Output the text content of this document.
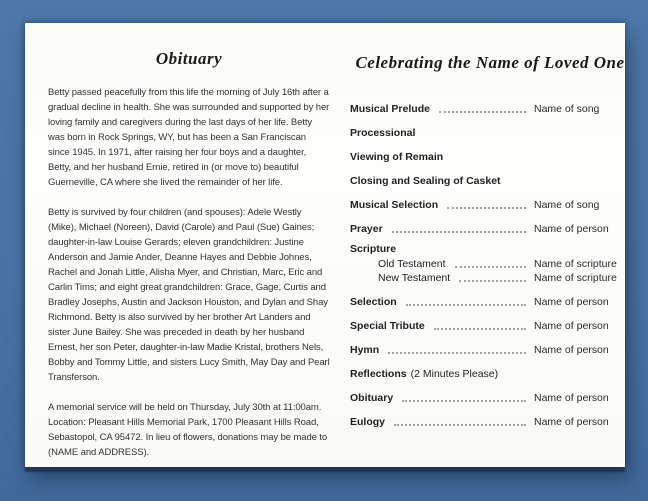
Obituary

Betty passed peacefully from this life the morning of July 16th after a gradual decline in health. She was surrounded and supported by her loving family and caregivers during the last days of her life. Betty was born in Rock Springs, WY, but has been a San Franciscan since 1945. In 1971, after raising her four boys and a daughter, Betty, and her husband Ernie, retired in (or move to) beautiful Guerneville, CA where she lived the remainder of her life.

Betty is survived by four children (and spouses): Adele Westly (Mike), Michael (Noreen), David (Carole) and Paul (Sue) Gaines; daughter-in-law Louise Gerards; eleven grandchildren: Justine Anderson and Jamie Ander, Deanne Hayes and Debbie Johnes, Rachel and Jonah Little, Alisha Myer, and Christian, Marc, Eric and Carlin Tims; and eight great grandchildren: Grace, Gage, Curtis and Bradley Josephs, Austin and Jackson Houston, and Dylan and Shay Richmond. Betty is also survived by her brother Art Landers and sister June Bailey. She was preceded in death by her husband Ernest, her son Peter, daughter-in-law Madie Kristal, brothers Nels, Bobby and Tommy Little, and sisters Lucy Smith, May Day and Pearl Transferson.

A memorial service will be held on Thursday, July 30th at 11:00am. Location: Pleasant Hills Memorial Park, 1700 Pleasant Hills Road, Sebastopol, CA 95472. In lieu of flowers, donations may be made to (NAME and ADDRESS).

Celebrating the Name of Loved One
Musical Prelude	Name of song
Processional
Viewing of Remain
Closing and Sealing of Casket
Musical Selection	Name of song
Prayer	Name of person
Scripture
Old Testament	Name of scripture
New Testament	Name of scripture
Selection	Name of person
Special Tribute	Name of person
Hymn	Name of person
Reflections (2 Minutes Please)
Obituary	Name of person
Eulogy	Name of person
